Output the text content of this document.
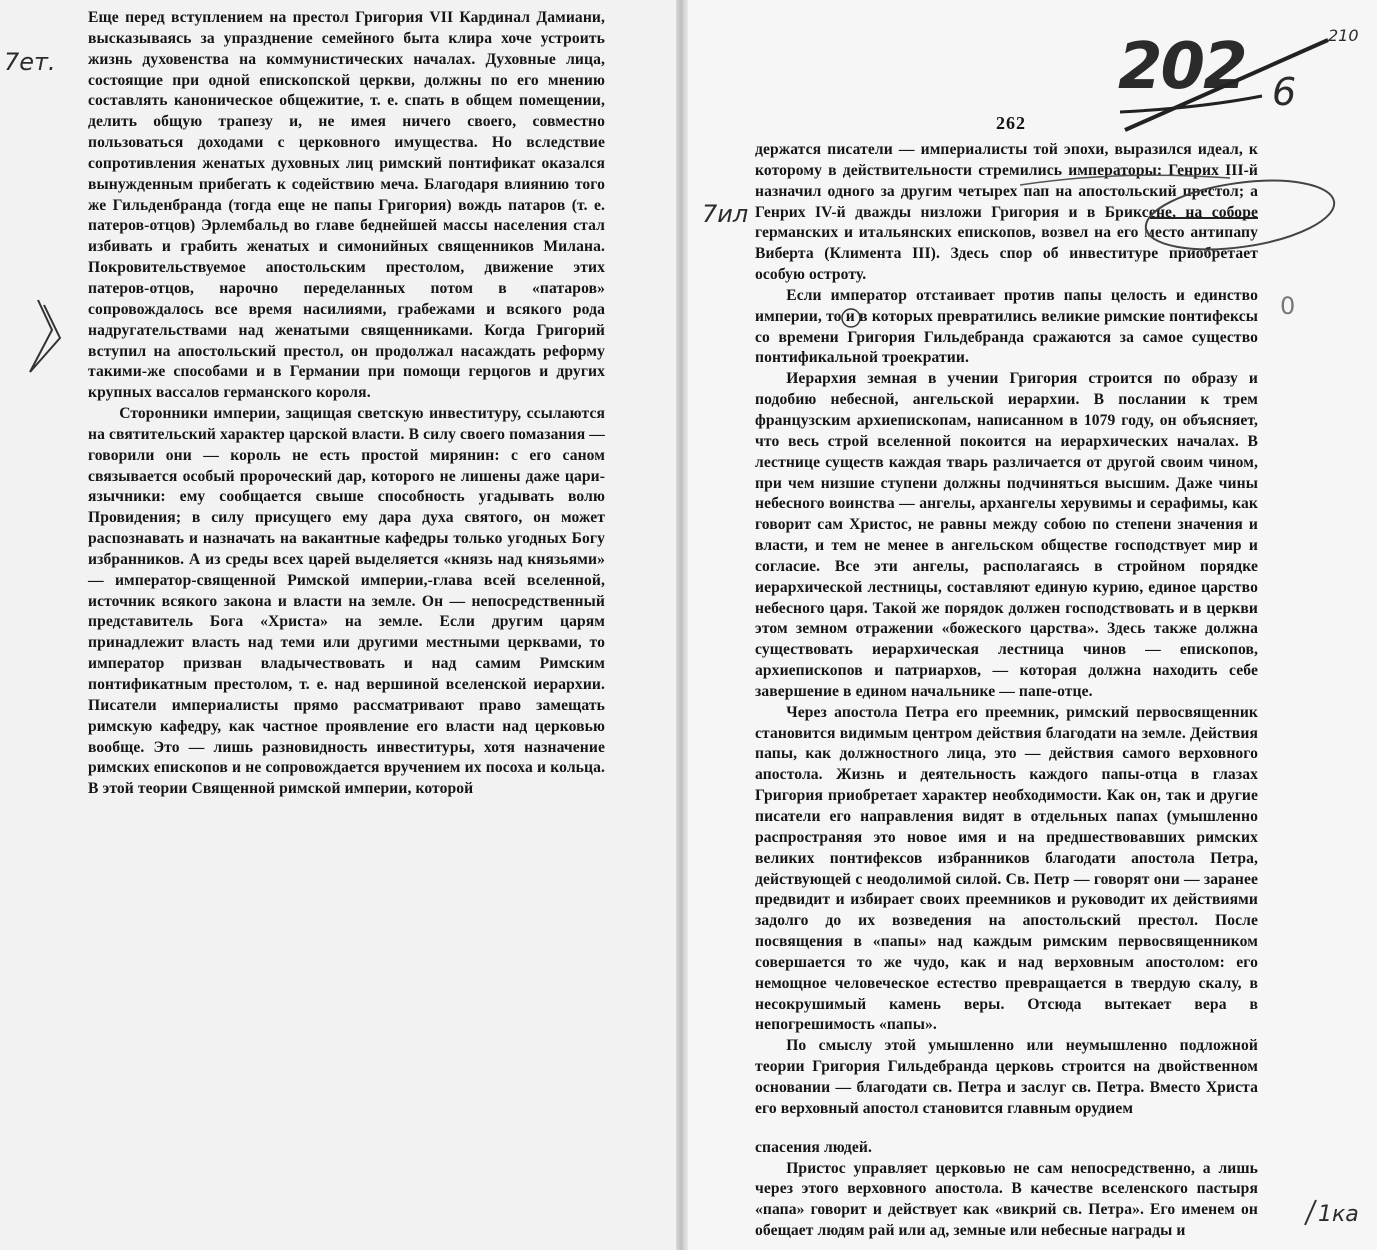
Еще перед вступлением на престол Григория VII Кардинал Дамиани, высказываясь за упразднение семейного быта клира хоче устроить жизнь духовенства на коммунистических началах. Духовные лица, состоящие при одной епископской церкви, должны по его мнению составлять каноническое общежитие, т. е. спать в общем помещении, делить общую трапезу и, не имея ничего своего, совместно пользоваться доходами с церковного имущества. Но вследствие сопротивления женатых духовных лиц римский понтификат оказался вынужденным прибегать к содействию меча. Благодаря влиянию того же Гильденбранда (тогда еще не папы Григория) вождь патаров (т. е. патеров-отцов) Эрлембальд во главе беднейшей массы населения стал избивать и грабить женатых и симонийных священников Милана. Покровительствуемое апостольским престолом, движение этих патеров-отцов, нарочно переделанных потом в «патаров» сопровождалось все время насилиями, грабежами и всякого рода надругательствами над женатыми священниками. Когда Григорий вступил на апостольский престол, он продолжал насаждать реформу такими-же способами и в Германии при помощи герцогов и других крупных вассалов германского короля.

Сторонники империи, защищая светскую инвеституру, ссылаются на святительский характер царской власти. В силу своего помазания — говорили они — король не есть простой мирянин: с его саном связывается особый пророческий дар, которого не лишены даже цари-язычники: ему сообщается свыше способность угадывать волю Провидения; в силу присущего ему дара духа святого, он может распознавать и назначать на вакантные кафедры только угодных Богу избранников. А из среды всех царей выделяется «князь над князьями» — император-священной Римской империи,-глава всей вселенной, источник всякого закона и власти на земле. Он — непосредственный представитель Бога «Христа» на земле. Если другим царям принадлежит власть над теми или другими местными церквами, то император призван владычествовать и над самим Римским понтификатным престолом, т. е. над вершиной вселенской иерархии. Писатели империалисты прямо рассматривают право замещать римскую кафедру, как частное проявление его власти над церковью вообще. Это — лишь разновидность инвеституры, хотя назначение римских епископов и не сопровождается вручением их посоха и кольца. В этой теории Священной римской империи, которой

262

держатся писатели — империалисты той эпохи, выразился идеал, к которому в действительности стремились императоры: Генрих III-й назначил одного за другим четырех пап на апостольский престол; а Генрих IV-й дважды низложи Григория и в Бриксене, на соборе германских и итальянских епископов, возвел на его место антипапу Виберта (Климента III). Здесь спор об инвеституре приобретает особую остроту.

Если император отстаивает против папы целость и единство империи, то и в которых превратились великие римские понтифексы со времени Григория Гильдебранда сражаются за самое существо понтификальной троекратии.

Иерархия земная в учении Григория строится по образу и подобию небесной, ангельской иерархии. В послании к трем французским архиепископам, написанном в 1079 году, он объясняет, что весь строй вселенной покоится на иерархических началах. В лестнице существ каждая тварь различается от другой своим чином, при чем низшие ступени должны подчиняться высшим. Даже чины небесного воинства — ангелы, архангелы херувимы и серафимы, как говорит сам Христос, не равны между собою по степени значения и власти, и тем не менее в ангельском обществе господствует мир и согласие. Все эти ангелы, располагаясь в стройном порядке иерархической лестницы, составляют единую курию, единое царство небесного царя. Такой же порядок должен господствовать и в церкви этом земном отражении «божеского царства». Здесь также должна существовать иерархическая лестница чинов — епископов, архиепископов и патриархов, — которая должна находить себе завершение в едином начальнике — папе-отце.

Через апостола Петра его преемник, римский первосвященник становится видимым центром действия благодати на земле. Действия папы, как должностного лица, это — действия самого верховного апостола. Жизнь и деятельность каждого папы-отца в глазах Григория приобретает характер необходимости. Как он, так и другие писатели его направления видят в отдельных папах (умышленно распространяя это новое имя и на предшествовавших римских великих понтифексов избранников благодати апостола Петра, действующей с неодолимой силой. Св. Петр — говорят они — заранее предвидит и избирает своих преемников и руководит их действиями задолго до их возведения на апостольский престол. После посвящения в «папы» над каждым римским первосвященником совершается то же чудо, как и над верховным апостолом: его немощное человеческое естество превращается в твердую скалу, в несокрушимый камень веры. Отсюда вытекает вера в непогрешимость «папы».

По смыслу этой умышленно или неумышленно подложной теории Григория Гильдебранда церковь строится на двойственном основании — благодати св. Петра и заслуг св. Петра. Вместо Христа его верховный апостол становится главным орудием

спасения людей.

Пристос управляет церковью не сам непосредственно, а лишь через этого верховного апостола. В качестве вселенского пастыря «папа» говорит и действует как «викрий св. Петра». Его именем он обещает людям рай или ад, земные или небесные награды и

7ет.
7ил
202 6
210
0
1ка
